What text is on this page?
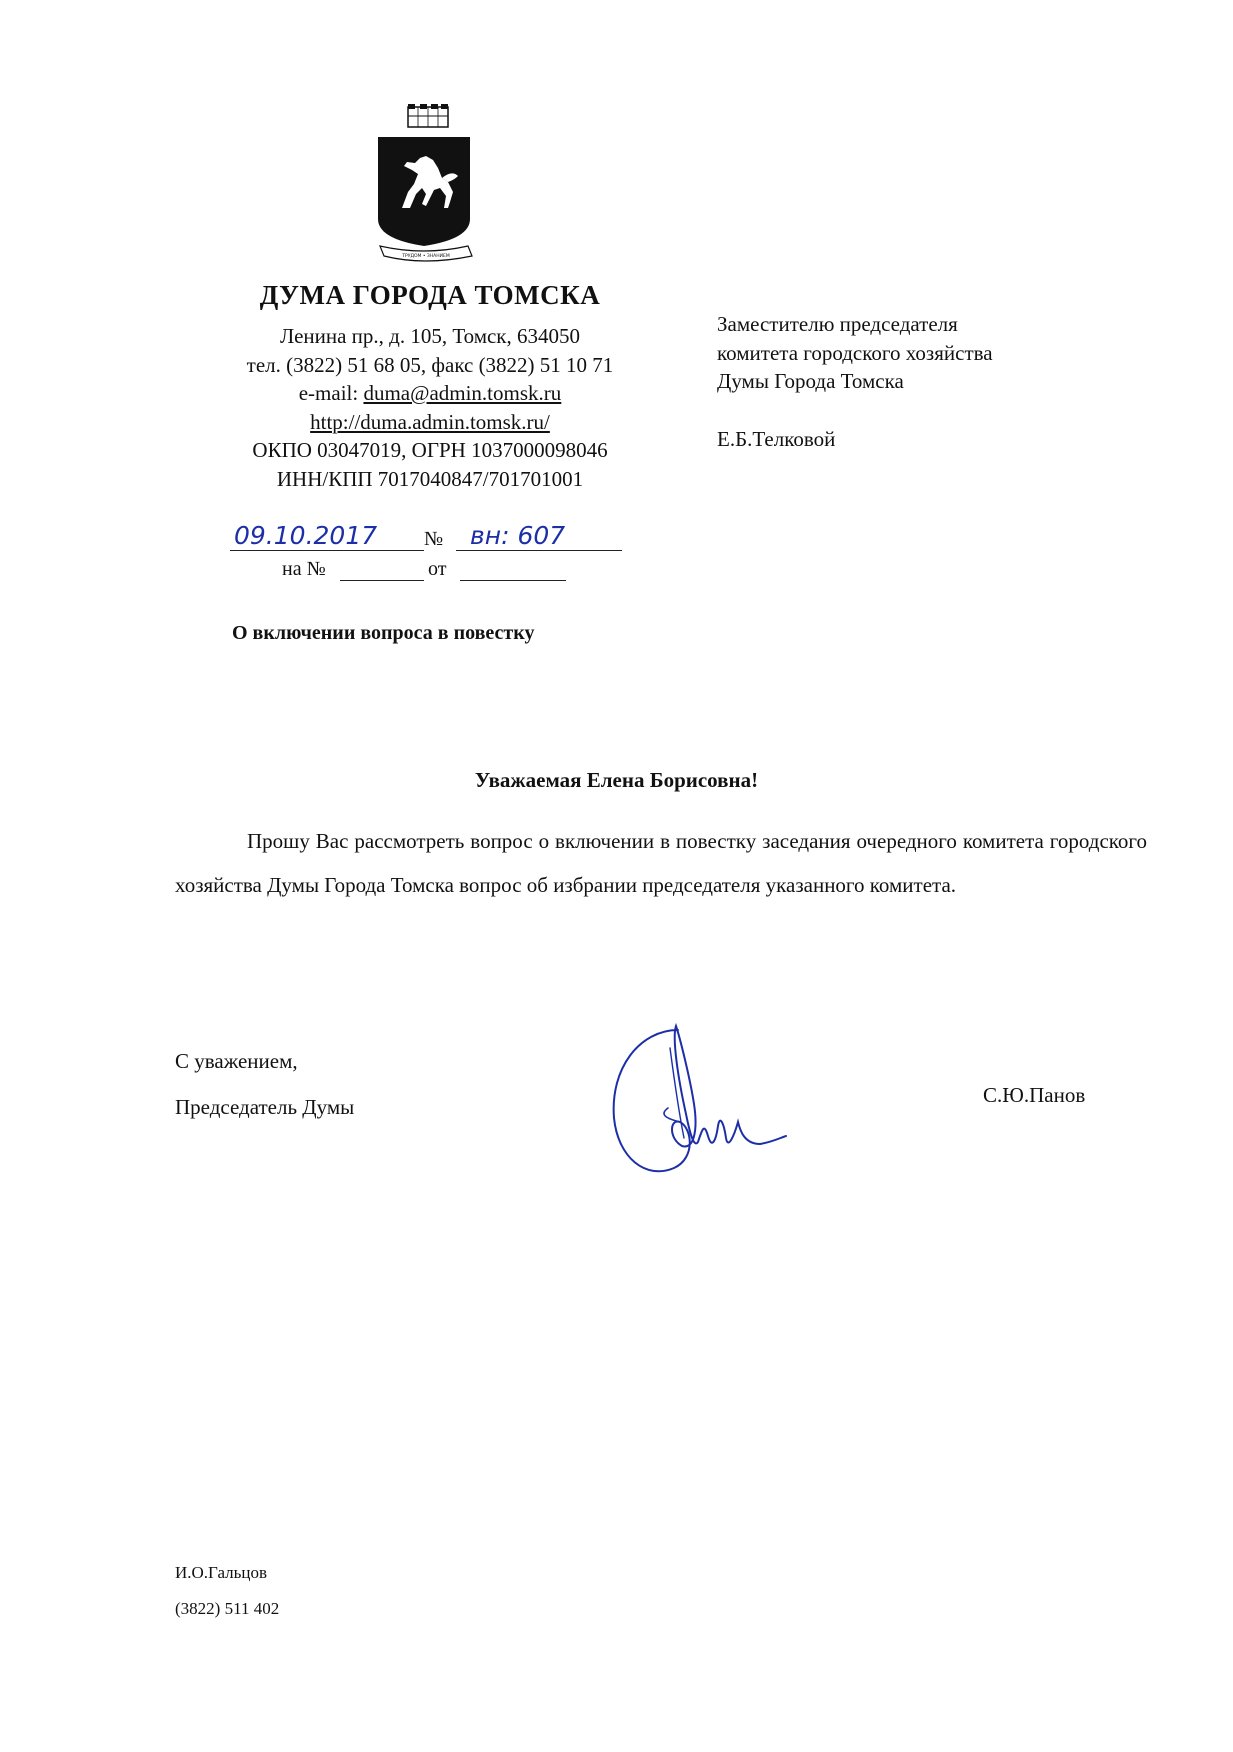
ТРУДОМ • ЗНАНИЕМ
ДУМА ГОРОДА ТОМСКА
Ленина пр., д. 105, Томск, 634050
тел. (3822) 51 68 05, факс (3822) 51 10 71
e-mail: duma@admin.tomsk.ru
http://duma.admin.tomsk.ru/
ОКПО 03047019, ОГРН 1037000098046
ИНН/КПП 7017040847/701701001
Заместителю председателя
комитета городского хозяйства
Думы Города Томска
Е.Б.Телковой
09.10.2017	№	вн: 607
на №	от
О включении вопроса в повестку
Уважаемая Елена Борисовна!
Прошу Вас рассмотреть вопрос о включении в повестку заседания очередного комитета городского хозяйства Думы Города Томска вопрос об избрании председателя указанного комитета.
С уважением,
Председатель Думы	С.Ю.Панов
И.О.Гальцов
(3822) 511 402
